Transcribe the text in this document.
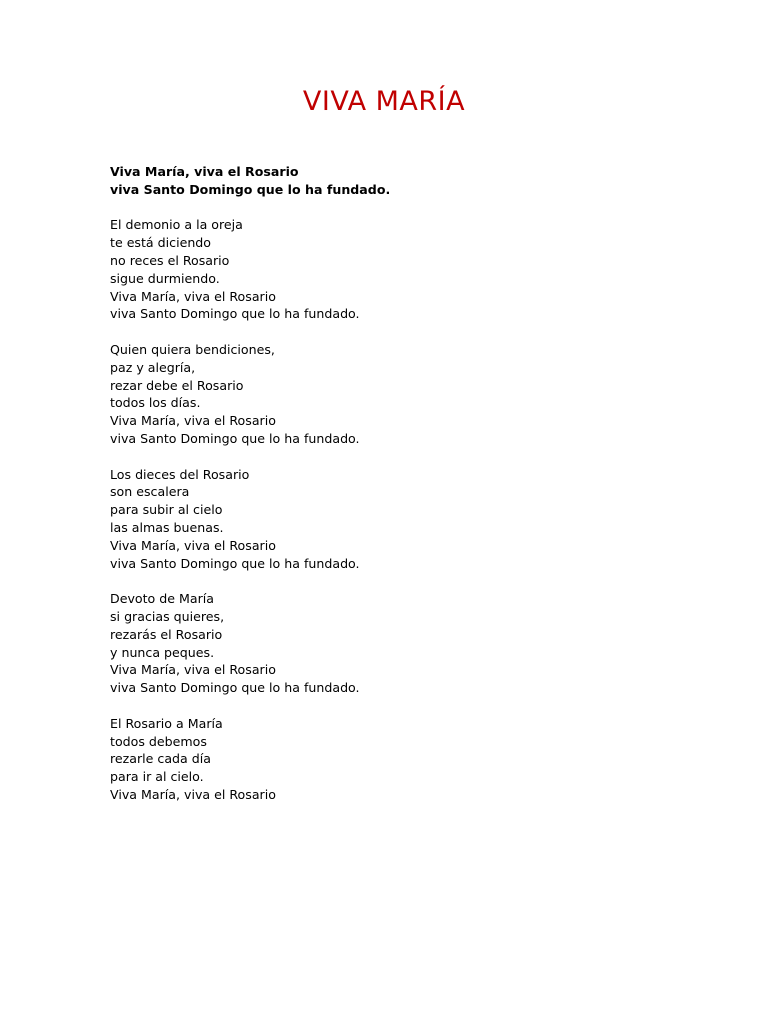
VIVA MARÍA
Viva María, viva el Rosario
viva Santo Domingo que lo ha fundado.
El demonio a la oreja
te está diciendo
no reces el Rosario
sigue durmiendo.
Viva María, viva el Rosario
viva Santo Domingo que lo ha fundado.
Quien quiera bendiciones,
paz y alegría,
rezar debe el Rosario
todos los días.
Viva María, viva el Rosario
viva Santo Domingo que lo ha fundado.
Los dieces del Rosario
son escalera
para subir al cielo
las almas buenas.
Viva María, viva el Rosario
viva Santo Domingo que lo ha fundado.
Devoto de María
si gracias quieres,
rezarás el Rosario
y nunca peques.
Viva María, viva el Rosario
viva Santo Domingo que lo ha fundado.
El Rosario a María
todos debemos
rezarle cada día
para ir al cielo.
Viva María, viva el Rosario
